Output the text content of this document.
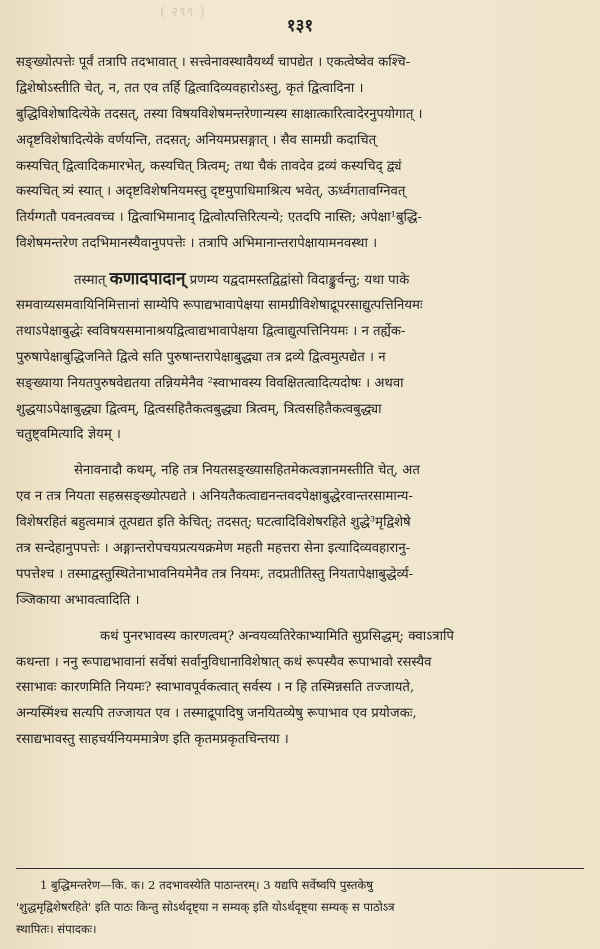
( २९९ )
१३१
सङ्ख्योत्पत्तेः पूर्वं तत्रापि तदभावात् । सत्त्वेनावस्थावैयर्थ्यं चापद्येत । एकत्वेष्वेव कश्चि-
द्विशेषोऽस्तीति चेत्, न, तत एव तर्हि द्वित्वादिव्यवहारोऽस्तु, कृतं द्वित्वादिना ।
बुद्धिविशेषादित्येके तदसत्, तस्या विषयविशेषमन्तरेणान्यस्य साक्षात्कारित्वादेरनुपयोगात् ।
अदृष्टविशेषादित्येके वर्णयन्ति, तदसत्; अनियमप्रसङ्गात् । सैव सामग्री कदाचित्
कस्यचित् द्वित्वादिकमारभेत्, कस्यचित् त्रित्वम्; तथा चैकं तावदेव द्रव्यं कस्यचिद् द्व्यं
कस्यचित् त्र्यं स्यात् । अदृष्टविशेषनियमस्तु दृष्टमुपाधिमाश्रित्य भवेत्, ऊर्ध्वगतावग्निवत्
तिर्यग्गतौ पवनत्ववच्च । द्वित्वाभिमानाद् द्वित्वोत्पत्तिरित्यन्ये; एतदपि नास्ति; अपेक्षा¹बुद्धि-
विशेषमन्तरेण तदभिमानस्यैवानुपपत्तेः । तत्रापि अभिमानान्तरापेक्षायामनवस्था ।
तस्मात् कणादपादान् प्रणम्य यद्वदामस्तद्विद्वांसो विदाङ्कुर्वन्तु; यथा पाके
समवाय्यसमवायिनिमित्तानां साम्येपि रूपाद्यभावापेक्षया सामग्रीविशेषाद्रूपरसाद्युत्पत्तिनियमः
तथाऽपेक्षाबुद्धेः स्वविषयसमानाश्रयद्वित्वाद्यभावापेक्षया द्वित्वाद्युत्पत्तिनियमः । न तर्ह्येक-
पुरुषापेक्षाबुद्धिजनिते द्वित्वे सति पुरुषान्तरापेक्षाबुद्ध्या तत्र द्रव्ये द्वित्वमुत्पद्येत । न
सङ्ख्याया नियतपुरुषवेद्यतया तन्नियमेनैव ²स्वाभावस्य विवक्षितत्वादित्यदोषः । अथवा
शुद्धयाऽपेक्षाबुद्ध्या द्वित्वम्, द्वित्वसहितैकत्वबुद्ध्या त्रित्वम्, त्रित्वसहितैकत्वबुद्ध्या
चतुष्ट्वमित्यादि ज्ञेयम् ।
सेनावनादौ कथम्, नहि तत्र नियतसङ्ख्यासहितमेकत्वज्ञानमस्तीति चेत्, अत
एव न तत्र नियता सहस्रसङ्ख्योत्पद्यते । अनियतैकत्वाद्यनन्तवदपेक्षाबुद्धेरवान्तरसामान्य-
विशेषरहितं बहुत्वमात्रं तूत्पद्यत इति केचित्; तदसत्; घटत्वादिविशेषरहिते शुद्धे³मृद्विशेषे
तत्र सन्देहानुपपत्तेः । अङ्गान्तरोपचयप्रत्ययक्रमेण महती महत्तरा सेना इत्यादिव्यवहारानु-
पपत्तेश्च । तस्माद्वस्तुस्थितेनाभावनियमेनैव तत्र नियमः, तदप्रतीतिस्तु नियतापेक्षाबुद्धेर्व्य-
ञ्जिकाया अभावत्वादिति ।
कथं पुनरभावस्य कारणत्वम्? अन्वयव्यतिरेकाभ्यामिति सुप्रसिद्धम्; क्वाऽत्रापि
कथन्ता । ननु रूपाद्यभावानां सर्वेषां सर्वानुविधानाविशेषात् कथं रूपस्यैव रूपाभावो रसस्यैव
रसाभावः कारणमिति नियमः? स्वाभावपूर्वकत्वात् सर्वस्य । न हि तस्मिन्नसति तज्जायते,
अन्यस्मिंश्च सत्यपि तज्जायत एव । तस्माद्रूपादिषु जनयितव्येषु रूपाभाव एव प्रयोजकः,
रसाद्यभावस्तु साहचर्यनियममात्रेण इति कृतमप्रकृतचिन्तया ।
1 बुद्धिमन्तरेण—कि. क। 2 तदभावस्येति पाठान्तरम्। 3 यद्यपि सर्वेष्वपि पुस्तकेषु
'शुद्धमृद्विशेषरहिते' इति पाठः किन्तु सोऽर्थदृष्ट्या न सम्यक् इति योऽर्थदृष्ट्या सम्यक् स पाठोऽत्र
स्थापितः। संपादकः।
